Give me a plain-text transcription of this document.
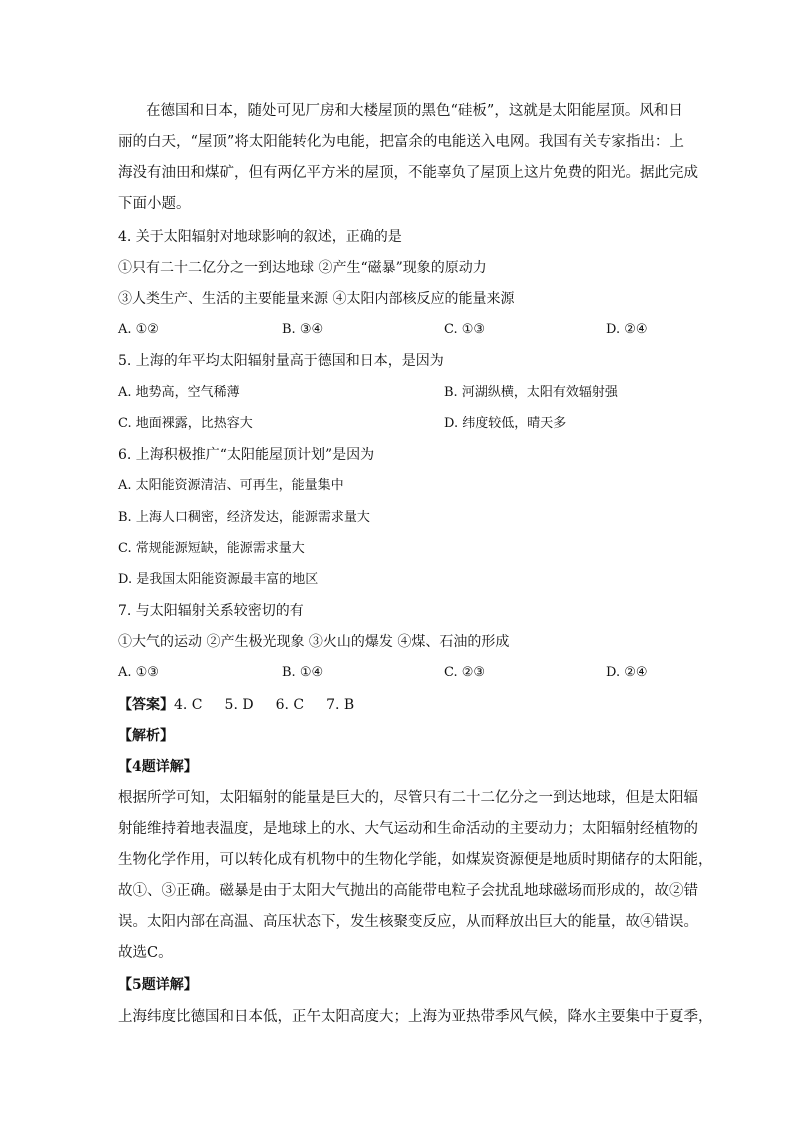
在德国和日本，随处可见厂房和大楼屋顶的黑色“硅板”，这就是太阳能屋顶。风和日
丽的白天，“屋顶”将太阳能转化为电能，把富余的电能送入电网。我国有关专家指出：上
海没有油田和煤矿，但有两亿平方米的屋顶，不能辜负了屋顶上这片免费的阳光。据此完成
下面小题。
4. 关于太阳辐射对地球影响的叙述，正确的是
①只有二十二亿分之一到达地球 ②产生“磁暴”现象的原动力
③人类生产、生活的主要能量来源 ④太阳内部核反应的能量来源
A. ①②	B. ③④	C. ①③	D. ②④
5. 上海的年平均太阳辐射量高于德国和日本，是因为
A. 地势高，空气稀薄	B. 河湖纵横，太阳有效辐射强
C. 地面裸露，比热容大	D. 纬度较低，晴天多
6. 上海积极推广“太阳能屋顶计划”是因为
A. 太阳能资源清洁、可再生，能量集中
B. 上海人口稠密，经济发达，能源需求量大
C. 常规能源短缺，能源需求量大
D. 是我国太阳能资源最丰富的地区
7. 与太阳辐射关系较密切的有
①大气的运动 ②产生极光现象 ③火山的爆发 ④煤、石油的形成
A. ①③	B. ①④	C. ②③	D. ②④
【答案】4. C 5. D 6. C 7. B
【解析】
【4题详解】
根据所学可知，太阳辐射的能量是巨大的，尽管只有二十二亿分之一到达地球，但是太阳辐
射能维持着地表温度，是地球上的水、大气运动和生命活动的主要动力；太阳辐射经植物的
生物化学作用，可以转化成有机物中的生物化学能，如煤炭资源便是地质时期储存的太阳能，
故①、③正确。磁暴是由于太阳大气抛出的高能带电粒子会扰乱地球磁场而形成的，故②错
误。太阳内部在高温、高压状态下，发生核聚变反应，从而释放出巨大的能量，故④错误。
故选C。
【5题详解】
上海纬度比德国和日本低，正午太阳高度大；上海为亚热带季风气候，降水主要集中于夏季，
